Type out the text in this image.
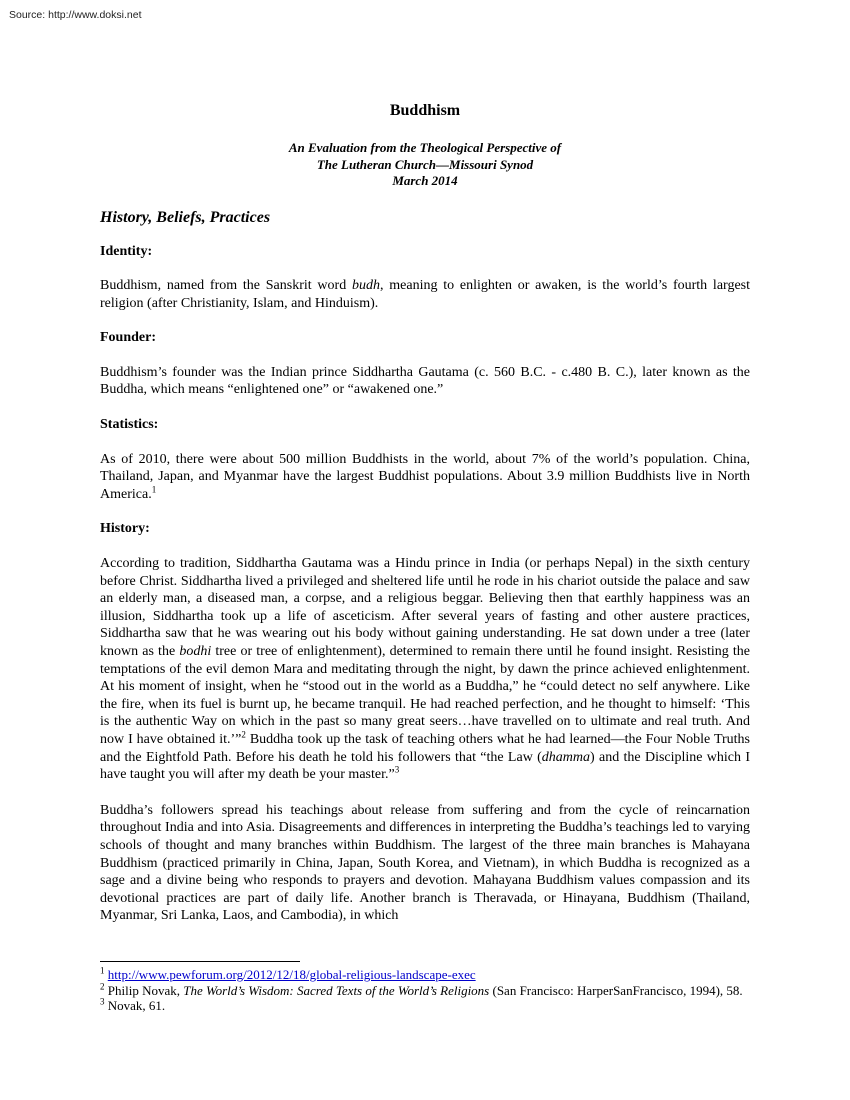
Source: http://www.doksi.net
Buddhism
An Evaluation from the Theological Perspective of
The Lutheran Church—Missouri Synod
March 2014
History, Beliefs, Practices
Identity:

Buddhism, named from the Sanskrit word budh, meaning to enlighten or awaken, is the world’s fourth largest religion (after Christianity, Islam, and Hinduism).

Founder:

Buddhism’s founder was the Indian prince Siddhartha Gautama (c. 560 B.C. - c.480 B. C.), later known as the Buddha, which means “enlightened one” or “awakened one.”

Statistics:

As of 2010, there were about 500 million Buddhists in the world, about 7% of the world’s population. China, Thailand, Japan, and Myanmar have the largest Buddhist populations. About 3.9 million Buddhists live in North America.$^1$

History:

According to tradition, Siddhartha Gautama was a Hindu prince in India (or perhaps Nepal) in the sixth century before Christ. Siddhartha lived a privileged and sheltered life until he rode in his chariot outside the palace and saw an elderly man, a diseased man, a corpse, and a religious beggar. Believing then that earthly happiness was an illusion, Siddhartha took up a life of asceticism. After several years of fasting and other austere practices, Siddhartha saw that he was wearing out his body without gaining understanding. He sat down under a tree (later known as the bodhi tree or tree of enlightenment), determined to remain there until he found insight. Resisting the temptations of the evil demon Mara and meditating through the night, by dawn the prince achieved enlightenment. At his moment of insight, when he “stood out in the world as a Buddha,” he “could detect no self anywhere. Like the fire, when its fuel is burnt up, he became tranquil. He had reached perfection, and he thought to himself: ‘This is the authentic Way on which in the past so many great seers…have travelled on to ultimate and real truth. And now I have obtained it.’”$^2$ Buddha took up the task of teaching others what he had learned—the Four Noble Truths and the Eightfold Path. Before his death he told his followers that “the Law (dhamma) and the Discipline which I have taught you will after my death be your master.”$^3$

Buddha’s followers spread his teachings about release from suffering and from the cycle of reincarnation throughout India and into Asia. Disagreements and differences in interpreting the Buddha’s teachings led to varying schools of thought and many branches within Buddhism. The largest of the three main branches is Mahayana Buddhism (practiced primarily in China, Japan, South Korea, and Vietnam), in which Buddha is recognized as a sage and a divine being who responds to prayers and devotion. Mahayana Buddhism values compassion and its devotional practices are part of daily life. Another branch is Theravada, or Hinayana, Buddhism (Thailand, Myanmar, Sri Lanka, Laos, and Cambodia), in which

$^1$ http://www.pewforum.org/2012/12/18/global-religious-landscape-exec

$^2$ Philip Novak, The World’s Wisdom: Sacred Texts of the World’s Religions (San Francisco: HarperSanFrancisco, 1994), 58.

$^3$ Novak, 61.
